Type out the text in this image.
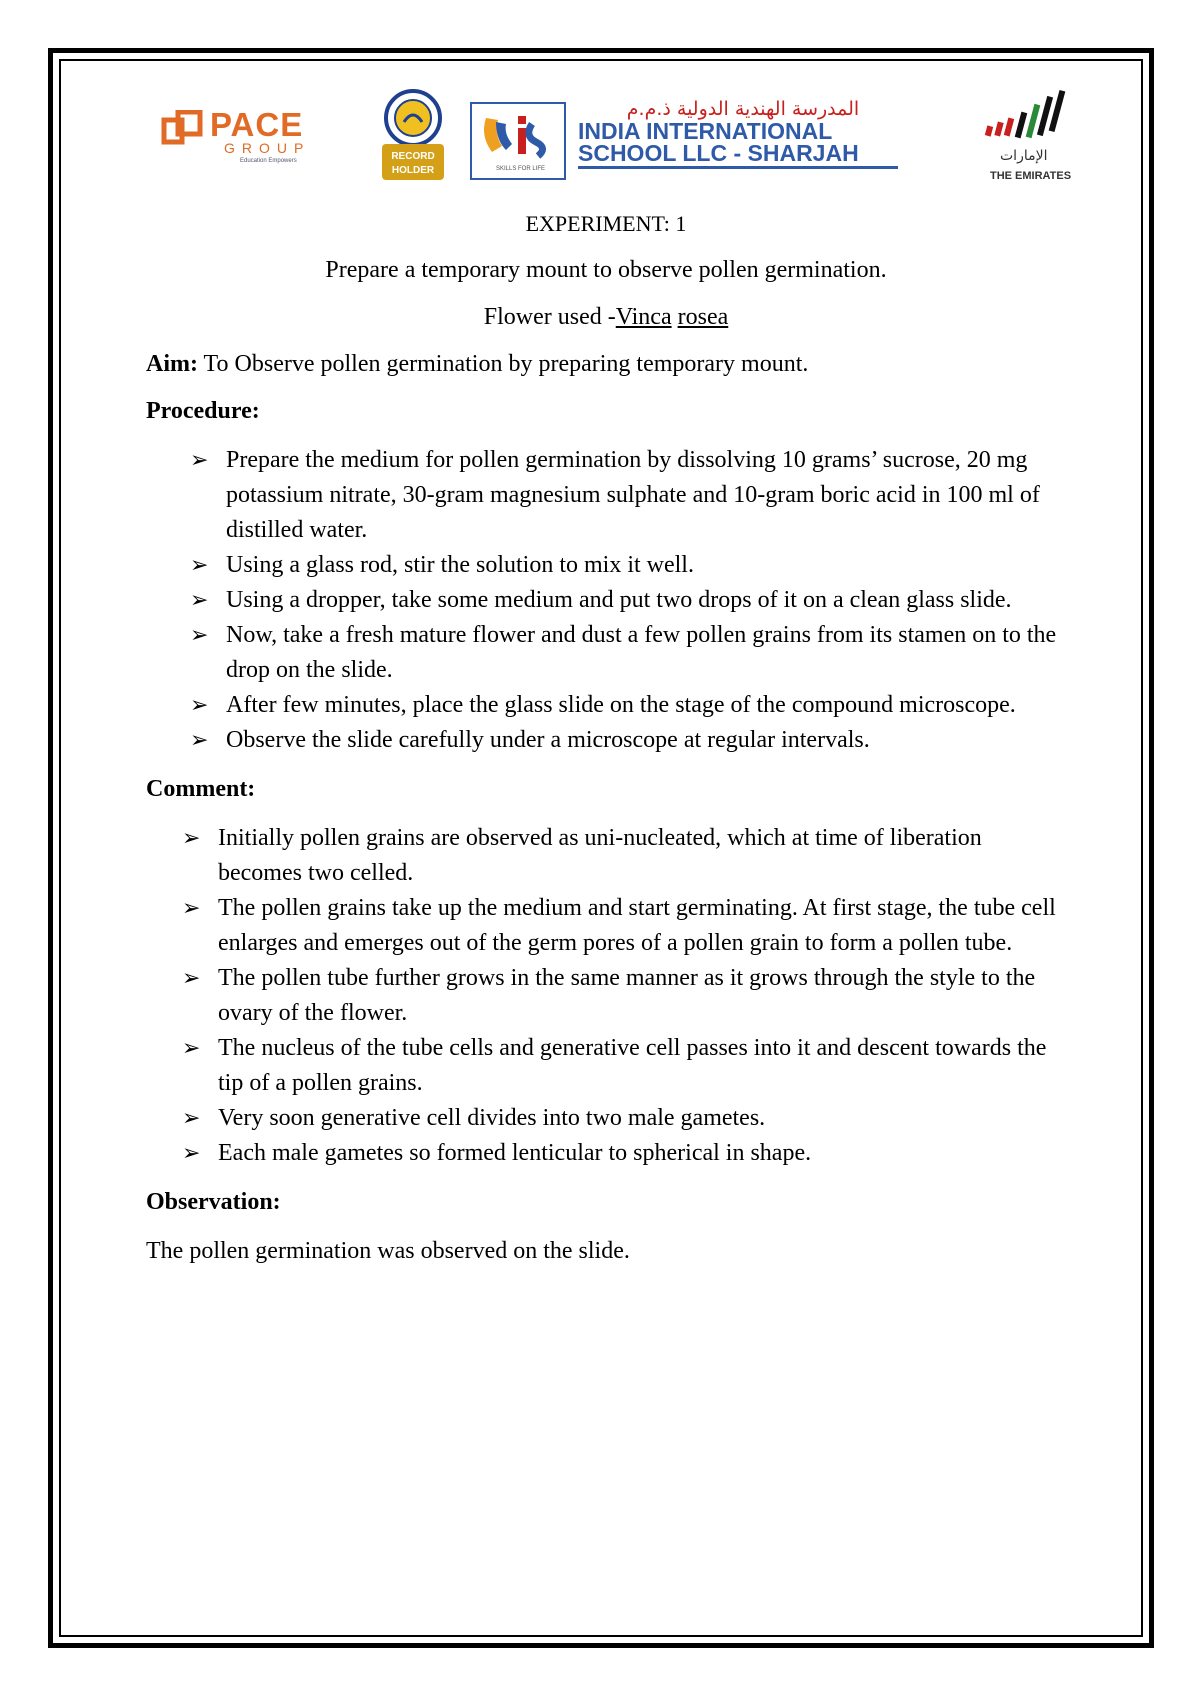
PACE
GROUP
Education Empowers	RECORD
HOLDER	SKILLS FOR LIFE
المدرسة الهندية الدولية ذ.م.م
INDIA INTERNATIONAL
SCHOOL LLC - SHARJAH	الإمارات
THE EMIRATES

EXPERIMENT: 1

Prepare a temporary mount to observe pollen germination.

Flower used -Vinca rosea

Aim: To Observe pollen germination by preparing temporary mount.

Procedure:

➢ Prepare the medium for pollen germination by dissolving 10 grams’ sucrose, 20 mg potassium nitrate, 30-gram magnesium sulphate and 10-gram boric acid in 100 ml of distilled water.
➢ Using a glass rod, stir the solution to mix it well.
➢ Using a dropper, take some medium and put two drops of it on a clean glass slide.
➢ Now, take a fresh mature flower and dust a few pollen grains from its stamen on to the drop on the slide.
➢ After few minutes, place the glass slide on the stage of the compound microscope.
➢ Observe the slide carefully under a microscope at regular intervals.

Comment:

➢ Initially pollen grains are observed as uni-nucleated, which at time of liberation becomes two celled.
➢ The pollen grains take up the medium and start germinating. At first stage, the tube cell enlarges and emerges out of the germ pores of a pollen grain to form a pollen tube.
➢ The pollen tube further grows in the same manner as it grows through the style to the ovary of the flower.
➢ The nucleus of the tube cells and generative cell passes into it and descent towards the tip of a pollen grains.
➢ Very soon generative cell divides into two male gametes.
➢ Each male gametes so formed lenticular to spherical in shape.

Observation:

The pollen germination was observed on the slide.
